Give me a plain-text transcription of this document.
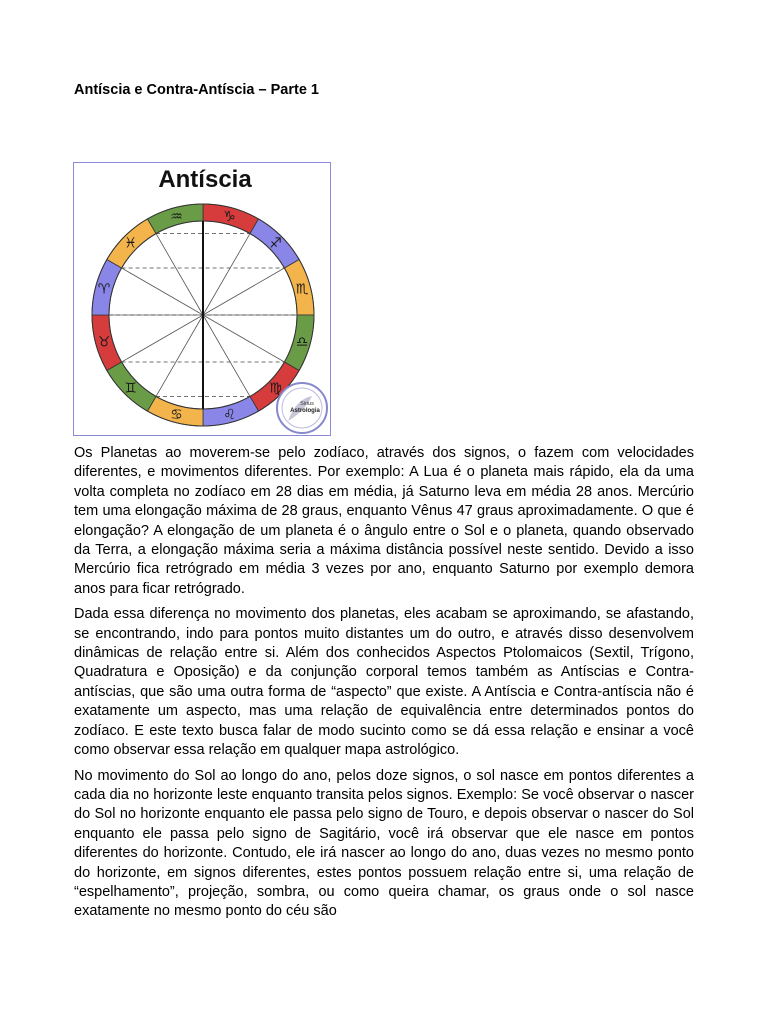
Antíscia e Contra-Antíscia – Parte 1
Antíscia
♑
♐
♏
♎
♍
♌
♋
♊
♉
♈
♓
♒
Sirius
Astrologia

Os Planetas ao moverem-se pelo zodíaco, através dos signos, o fazem com velocidades diferentes, e movimentos diferentes. Por exemplo: A Lua é o planeta mais rápido, ela da uma volta completa no zodíaco em 28 dias em média, já Saturno leva em média 28 anos. Mercúrio tem uma elongação máxima de 28 graus, enquanto Vênus 47 graus aproximadamente. O que é elongação? A elongação de um planeta é o ângulo entre o Sol e o planeta, quando observado da Terra, a elongação máxima seria a máxima distância possível neste sentido. Devido a isso Mercúrio fica retrógrado em média 3 vezes por ano, enquanto Saturno por exemplo demora anos para ficar retrógrado.

Dada essa diferença no movimento dos planetas, eles acabam se aproximando, se afastando, se encontrando, indo para pontos muito distantes um do outro, e através disso desenvolvem dinâmicas de relação entre si. Além dos conhecidos Aspectos Ptolomaicos (Sextil, Trígono, Quadratura e Oposição) e da conjunção corporal temos também as Antíscias e Contra-antíscias, que são uma outra forma de “aspecto” que existe. A Antíscia e Contra-antíscia não é exatamente um aspecto, mas uma relação de equivalência entre determinados pontos do zodíaco. E este texto busca falar de modo sucinto como se dá essa relação e ensinar a você como observar essa relação em qualquer mapa astrológico.

No movimento do Sol ao longo do ano, pelos doze signos, o sol nasce em pontos diferentes a cada dia no horizonte leste enquanto transita pelos signos. Exemplo: Se você observar o nascer do Sol no horizonte enquanto ele passa pelo signo de Touro, e depois observar o nascer do Sol enquanto ele passa pelo signo de Sagitário, você irá observar que ele nasce em pontos diferentes do horizonte. Contudo, ele irá nascer ao longo do ano, duas vezes no mesmo ponto do horizonte, em signos diferentes, estes pontos possuem relação entre si, uma relação de “espelhamento”, projeção, sombra, ou como queira chamar, os graus onde o sol nasce exatamente no mesmo ponto do céu são
